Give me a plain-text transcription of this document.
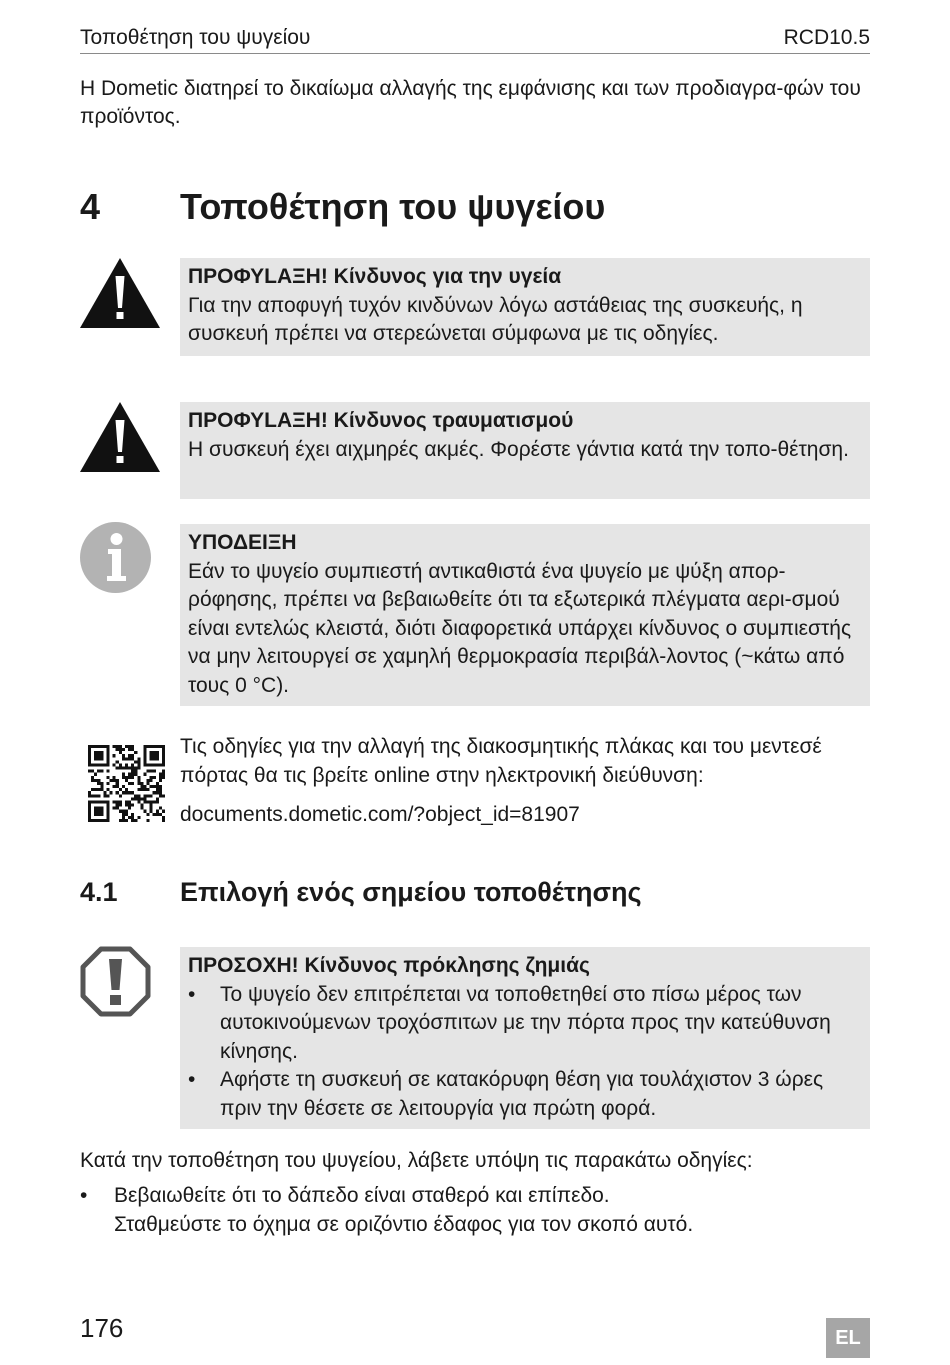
Τοποθέτηση του ψυγείου	RCD10.5
Η Dometic διατηρεί το δικαίωμα αλλαγής της εμφάνισης και των προδιαγρα-φών του προϊόντος.
4 Τοποθέτηση του ψυγείου
ΠΡΟΦΥLAΞΗ! Κίνδυνος για την υγεία
Για την αποφυγή τυχόν κινδύνων λόγω αστάθειας της συσκευής, η συσκευή πρέπει να στερεώνεται σύμφωνα με τις οδηγίες.
ΠΡΟΦΥLAΞΗ! Κίνδυνος τραυματισμού
Η συσκευή έχει αιχμηρές ακμές. Φορέστε γάντια κατά την τοπο-θέτηση.
ΥΠΟΔΕΙΞΗ
Εάν το ψυγείο συμπιεστή αντικαθιστά ένα ψυγείο με ψύξη απορ-ρόφησης, πρέπει να βεβαιωθείτε ότι τα εξωτερικά πλέγματα αερι-σμού είναι εντελώς κλειστά, διότι διαφορετικά υπάρχει κίνδυνος ο συμπιεστής να μην λειτουργεί σε χαμηλή θερμοκρασία περιβάλ-λοντος (~κάτω από τους 0 °C).
Τις οδηγίες για την αλλαγή της διακοσμητικής πλάκας και του μεντεσέ πόρτας θα τις βρείτε online στην ηλεκτρονική διεύθυνση:
documents.dometic.com/?object_id=81907
4.1 Επιλογή ενός σημείου τοποθέτησης
ΠΡΟΣΟΧΗ! Κίνδυνος πρόκλησης ζημιάς
• Το ψυγείο δεν επιτρέπεται να τοποθετηθεί στο πίσω μέρος των αυτοκινούμενων τροχόσπιτων με την πόρτα προς την κατεύθυνση κίνησης.
• Αφήστε τη συσκευή σε κατακόρυφη θέση για τουλάχιστον 3 ώρες πριν την θέσετε σε λειτουργία για πρώτη φορά.
Κατά την τοποθέτηση του ψυγείου, λάβετε υπόψη τις παρακάτω οδηγίες:
• Βεβαιωθείτε ότι το δάπεδο είναι σταθερό και επίπεδο.
Σταθμεύστε το όχημα σε οριζόντιο έδαφος για τον σκοπό αυτό.
176	EL
